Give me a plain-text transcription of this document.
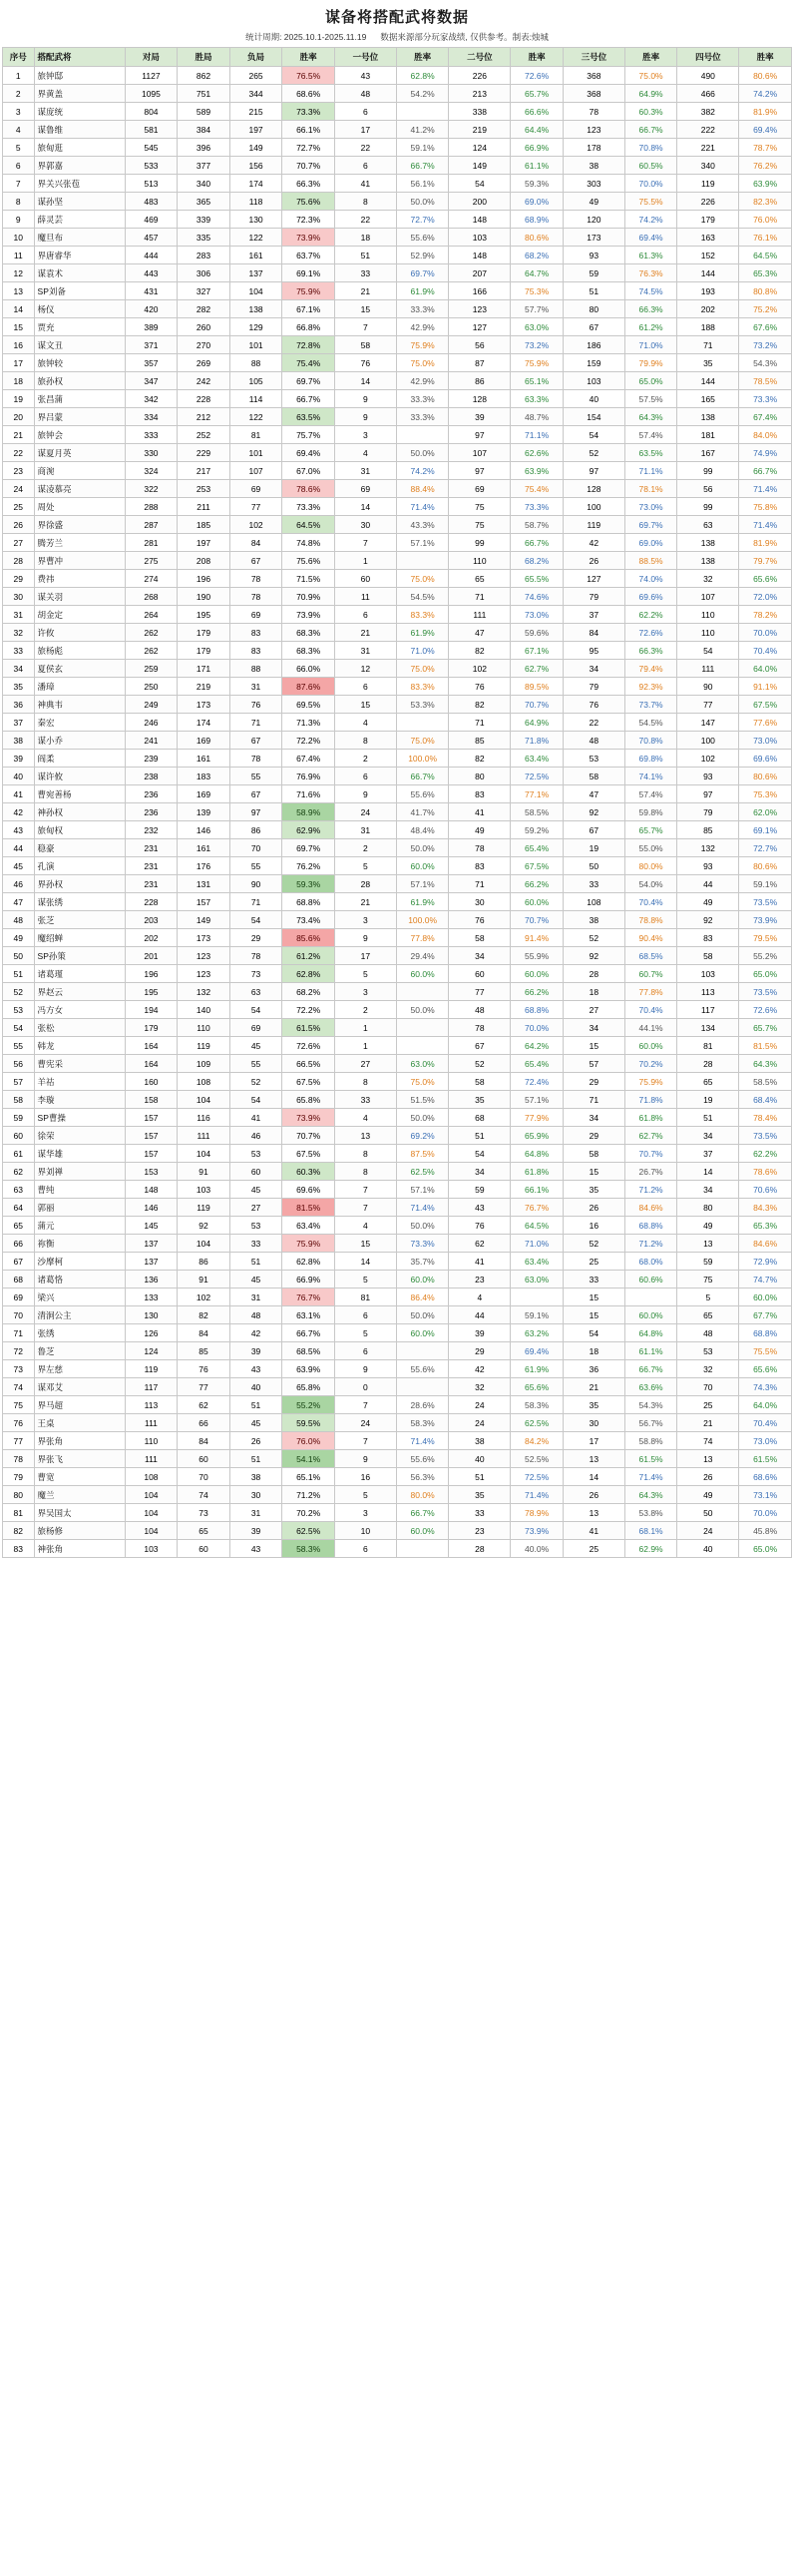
谋备将搭配武将数据
统计周期: 2025.10.1-2025.11.19 数据来源部分玩家战绩, 仅供参考。制表:烛城
序号	搭配武将	对局	胜局	负局	胜率	一号位	胜率	二号位	胜率	三号位	胜率	四号位	胜率
1	旅钟邸	1127	862	265	76.5%	43	62.8%	226	72.6%	368	75.0%	490	80.6%
2	界黄盖	1095	751	344	68.6%	48	54.2%	213	65.7%	368	64.9%	466	74.2%
3	谋庞统	804	589	215	73.3%	6		338	66.6%	78	60.3%	382	81.9%
4	谋鲁维	581	384	197	66.1%	17	41.2%	219	64.4%	123	66.7%	222	69.4%
5	旅甸逛	545	396	149	72.7%	22	59.1%	124	66.9%	178	70.8%	221	78.7%
6	界郭嘉	533	377	156	70.7%	6	66.7%	149	61.1%	38	60.5%	340	76.2%
7	界关兴张苞	513	340	174	66.3%	41	56.1%	54	59.3%	303	70.0%	119	63.9%
8	谋孙坚	483	365	118	75.6%	8	50.0%	200	69.0%	49	75.5%	226	82.3%
9	薛灵芸	469	339	130	72.3%	22	72.7%	148	68.9%	120	74.2%	179	76.0%
10	魔旦布	457	335	122	73.9%	18	55.6%	103	80.6%	173	69.4%	163	76.1%
11	界唐睿华	444	283	161	63.7%	51	52.9%	148	68.2%	93	61.3%	152	64.5%
12	谋袁术	443	306	137	69.1%	33	69.7%	207	64.7%	59	76.3%	144	65.3%
13	SP刘备	431	327	104	75.9%	21	61.9%	166	75.3%	51	74.5%	193	80.8%
14	杨仪	420	282	138	67.1%	15	33.3%	123	57.7%	80	66.3%	202	75.2%
15	贾充	389	260	129	66.8%	7	42.9%	127	63.0%	67	61.2%	188	67.6%
16	谋文丑	371	270	101	72.8%	58	75.9%	56	73.2%	186	71.0%	71	73.2%
17	旅钟较	357	269	88	75.4%	76	75.0%	87	75.9%	159	79.9%	35	54.3%
18	旅孙权	347	242	105	69.7%	14	42.9%	86	65.1%	103	65.0%	144	78.5%
19	张昌蒲	342	228	114	66.7%	9	33.3%	128	63.3%	40	57.5%	165	73.3%
20	界吕蒙	334	212	122	63.5%	9	33.3%	39	48.7%	154	64.3%	138	67.4%
21	旅钟会	333	252	81	75.7%	3		97	71.1%	54	57.4%	181	84.0%
22	谋夏月英	330	229	101	69.4%	4	50.0%	107	62.6%	52	63.5%	167	74.9%
23	商涴	324	217	107	67.0%	31	74.2%	97	63.9%	97	71.1%	99	66.7%
24	谋凌慕亮	322	253	69	78.6%	69	88.4%	69	75.4%	128	78.1%	56	71.4%
25	周处	288	211	77	73.3%	14	71.4%	75	73.3%	100	73.0%	99	75.8%
26	界徐盛	287	185	102	64.5%	30	43.3%	75	58.7%	119	69.7%	63	71.4%
27	腾芳兰	281	197	84	74.8%	7	57.1%	99	66.7%	42	69.0%	138	81.9%
28	界曹冲	275	208	67	75.6%	1		110	68.2%	26	88.5%	138	79.7%
29	费祎	274	196	78	71.5%	60	75.0%	65	65.5%	127	74.0%	32	65.6%
30	谋关羽	268	190	78	70.9%	11	54.5%	71	74.6%	79	69.6%	107	72.0%
31	胡金定	264	195	69	73.9%	6	83.3%	111	73.0%	37	62.2%	110	78.2%
32	许攸	262	179	83	68.3%	21	61.9%	47	59.6%	84	72.6%	110	70.0%
33	旅杨彪	262	179	83	68.3%	31	71.0%	82	67.1%	95	66.3%	54	70.4%
34	夏侯玄	259	171	88	66.0%	12	75.0%	102	62.7%	34	79.4%	111	64.0%
35	潘璋	250	219	31	87.6%	6	83.3%	76	89.5%	79	92.3%	90	91.1%
36	神典韦	249	173	76	69.5%	15	53.3%	82	70.7%	76	73.7%	77	67.5%
37	秦宏	246	174	71	71.3%	4		71	64.9%	22	54.5%	147	77.6%
38	谋小乔	241	169	67	72.2%	8	75.0%	85	71.8%	48	70.8%	100	73.0%
39	阎柔	239	161	78	67.4%	2	100.0%	82	63.4%	53	69.8%	102	69.6%
40	谋许攸	238	183	55	76.9%	6	66.7%	80	72.5%	58	74.1%	93	80.6%
41	曹宛善杨	236	169	67	71.6%	9	55.6%	83	77.1%	47	57.4%	97	75.3%
42	神孙权	236	139	97	58.9%	24	41.7%	41	58.5%	92	59.8%	79	62.0%
43	旅甸权	232	146	86	62.9%	31	48.4%	49	59.2%	67	65.7%	85	69.1%
44	稳豪	231	161	70	69.7%	2	50.0%	78	65.4%	19	55.0%	132	72.7%
45	孔演	231	176	55	76.2%	5	60.0%	83	67.5%	50	80.0%	93	80.6%
46	界孙权	231	131	90	59.3%	28	57.1%	71	66.2%	33	54.0%	44	59.1%
47	谋张绣	228	157	71	68.8%	21	61.9%	30	60.0%	108	70.4%	49	73.5%
48	张芝	203	149	54	73.4%	3	100.0%	76	70.7%	38	78.8%	92	73.9%
49	魔绍蝉	202	173	29	85.6%	9	77.8%	58	91.4%	52	90.4%	83	79.5%
50	SP孙策	201	123	78	61.2%	17	29.4%	34	55.9%	92	68.5%	58	55.2%
51	诸葛瑾	196	123	73	62.8%	5	60.0%	60	60.0%	28	60.7%	103	65.0%
52	界赵云	195	132	63	68.2%	3		77	66.2%	18	77.8%	113	73.5%
53	冯方女	194	140	54	72.2%	2	50.0%	48	68.8%	27	70.4%	117	72.6%
54	张松	179	110	69	61.5%	1		78	70.0%	34	44.1%	134	65.7%
55	韩龙	164	119	45	72.6%	1		67	64.2%	15	60.0%	81	81.5%
56	曹宪采	164	109	55	66.5%	27	63.0%	52	65.4%	57	70.2%	28	64.3%
57	羊祜	160	108	52	67.5%	8	75.0%	58	72.4%	29	75.9%	65	58.5%
58	李璇	158	104	54	65.8%	33	51.5%	35	57.1%	71	71.8%	19	68.4%
59	SP曹操	157	116	41	73.9%	4	50.0%	68	77.9%	34	61.8%	51	78.4%
60	徐荣	157	111	46	70.7%	13	69.2%	51	65.9%	29	62.7%	34	73.5%
61	谋华雄	157	104	53	67.5%	8	87.5%	54	64.8%	58	70.7%	37	62.2%
62	界刘禅	153	91	60	60.3%	8	62.5%	34	61.8%	15	26.7%	14	78.6%
63	曹纯	148	103	45	69.6%	7	57.1%	59	66.1%	35	71.2%	34	70.6%
64	郭丽	146	119	27	81.5%	7	71.4%	43	76.7%	26	84.6%	80	84.3%
65	蒲元	145	92	53	63.4%	4	50.0%	76	64.5%	16	68.8%	49	65.3%
66	祢衡	137	104	33	75.9%	15	73.3%	62	71.0%	52	71.2%	13	84.6%
67	沙摩柯	137	86	51	62.8%	14	35.7%	41	63.4%	25	68.0%	59	72.9%
68	诸葛恪	136	91	45	66.9%	5	60.0%	23	63.0%	33	60.6%	75	74.7%
69	梁兴	133	102	31	76.7%	81	86.4%	4		15		5	60.0%
70	清泂公主	130	82	48	63.1%	6	50.0%	44	59.1%	15	60.0%	65	67.7%
71	张绣	126	84	42	66.7%	5	60.0%	39	63.2%	54	64.8%	48	68.8%
72	鲁芝	124	85	39	68.5%	6		29	69.4%	18	61.1%	53	75.5%
73	界左慈	119	76	43	63.9%	9	55.6%	42	61.9%	36	66.7%	32	65.6%
74	谋邓艾	117	77	40	65.8%	0		32	65.6%	21	63.6%	70	74.3%
75	界马超	113	62	51	55.2%	7	28.6%	24	58.3%	35	54.3%	25	64.0%
76	王桌	111	66	45	59.5%	24	58.3%	24	62.5%	30	56.7%	21	70.4%
77	界张角	110	84	26	76.0%	7	71.4%	38	84.2%	17	58.8%	74	73.0%
78	界张飞	111	60	51	54.1%	9	55.6%	40	52.5%	13	61.5%	13	61.5%
79	曹宽	108	70	38	65.1%	16	56.3%	51	72.5%	14	71.4%	26	68.6%
80	魔兰	104	74	30	71.2%	5	80.0%	35	71.4%	26	64.3%	49	73.1%
81	界吴国太	104	73	31	70.2%	3	66.7%	33	78.9%	13	53.8%	50	70.0%
82	旅杨修	104	65	39	62.5%	10	60.0%	23	73.9%	41	68.1%	24	45.8%
83	神张角	103	60	43	58.3%	6		28	40.0%	25	62.9%	40	65.0%
